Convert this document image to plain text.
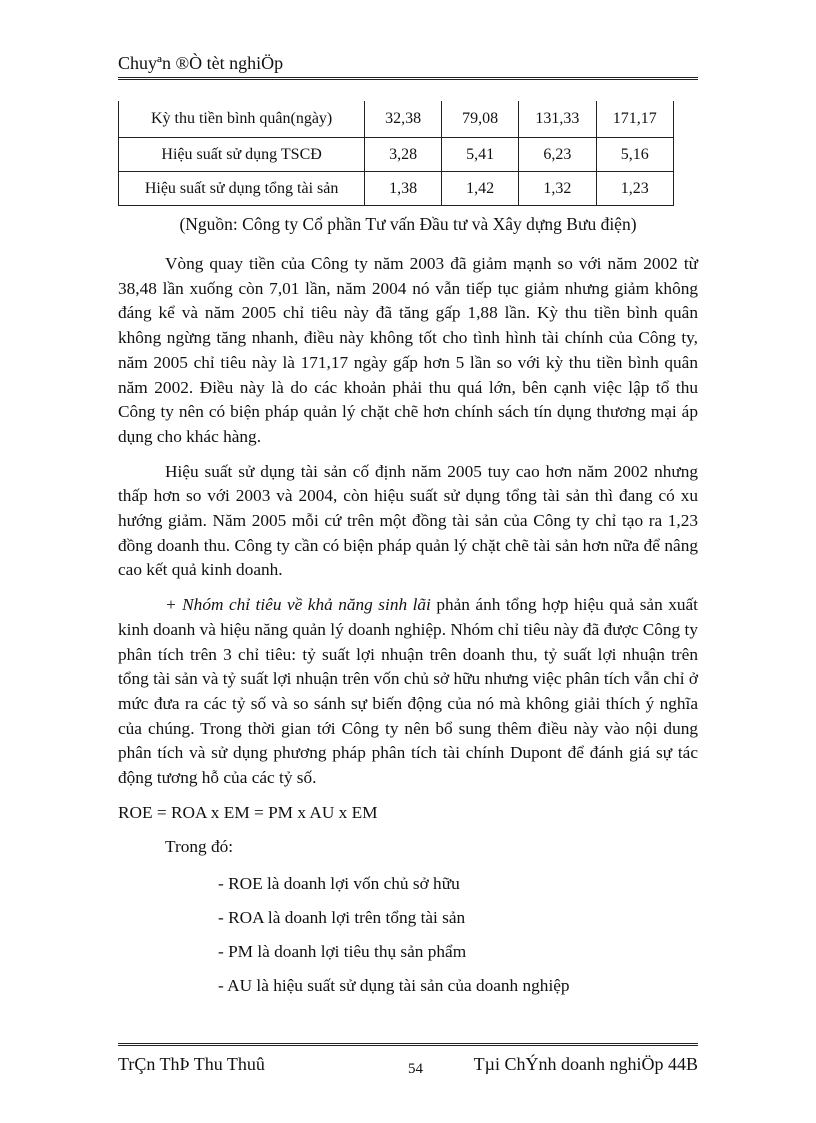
Chuyªn ®Ò tèt nghiÖp
Kỳ thu tiền bình quân(ngày)	32,38	79,08	131,33	171,17
Hiệu suất sử dụng TSCĐ	3,28	5,41	6,23	5,16
Hiệu suất sử dụng tổng tài sản	1,38	1,42	1,32	1,23
(Nguồn: Công ty Cổ phần Tư vấn Đầu tư và Xây dựng Bưu điện)

Vòng quay tiền của Công ty năm 2003 đã giảm mạnh so với năm 2002 từ 38,48 lần xuống còn 7,01 lần, năm 2004 nó vẫn tiếp tục giảm nhưng giảm không đáng kể và năm 2005 chỉ tiêu này đã tăng gấp 1,88 lần. Kỳ thu tiền bình quân không ngừng tăng nhanh, điều này không tốt cho tình hình tài chính của Công ty, năm 2005 chỉ tiêu này là 171,17 ngày gấp hơn 5 lần so với kỳ thu tiền bình quân năm 2002. Điều này là do các khoản phải thu quá lớn, bên cạnh việc lập tổ thu Công ty nên có biện pháp quản lý chặt chẽ hơn chính sách tín dụng thương mại áp dụng cho khác hàng.

Hiệu suất sử dụng tài sản cố định năm 2005 tuy cao hơn năm 2002 nhưng thấp hơn so với 2003 và 2004, còn hiệu suất sử dụng tổng tài sản thì đang có xu hướng giảm. Năm 2005 mỗi cứ trên một đồng tài sản của Công ty chỉ tạo ra 1,23 đồng doanh thu. Công ty cần có biện pháp quản lý chặt chẽ tài sản hơn nữa để nâng cao kết quả kinh doanh.

+ Nhóm chỉ tiêu về khả năng sinh lãi phản ánh tổng hợp hiệu quả sản xuất kinh doanh và hiệu năng quản lý doanh nghiệp. Nhóm chỉ tiêu này đã được Công ty phân tích trên 3 chỉ tiêu: tỷ suất lợi nhuận trên doanh thu, tỷ suất lợi nhuận trên tổng tài sản và tỷ suất lợi nhuận trên vốn chủ sở hữu nhưng việc phân tích vẫn chỉ ở mức đưa ra các tỷ số và so sánh sự biến động của nó mà không giải thích ý nghĩa của chúng. Trong thời gian tới Công ty nên bổ sung thêm điều này vào nội dung phân tích và sử dụng phương pháp phân tích tài chính Dupont để đánh giá sự tác động tương hỗ của các tỷ số.

ROE = ROA x EM = PM x AU x EM

Trong đó:

- ROE là doanh lợi vốn chủ sở hữu
- ROA là doanh lợi trên tổng tài sản
- PM là doanh lợi tiêu thụ sản phẩm
- AU là hiệu suất sử dụng tài sản của doanh nghiệp
TrÇn ThÞ Thu Thuû	54	Tµi ChÝnh doanh nghiÖp 44B
